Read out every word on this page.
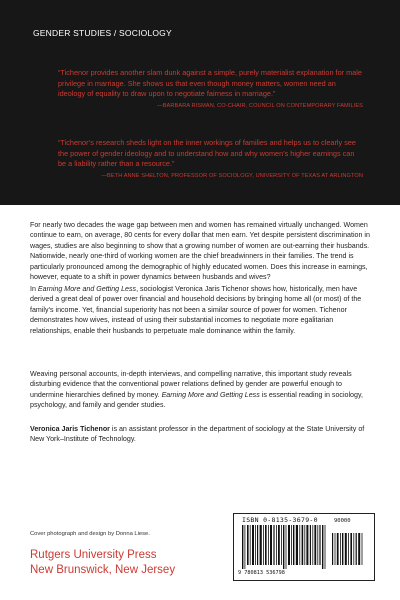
GENDER STUDIES / SOCIOLOGY

“Tichenor provides another slam dunk against a simple, purely materialist explanation for male privilege in marriage. She shows us that even though money matters, women need an ideology of equality to draw upon to negotiate fairness in marriage.”

—BARBARA RISMAN, CO-CHAIR, COUNCIL ON CONTEMPORARY FAMILIES

“Tichenor’s research sheds light on the inner workings of families and helps us to clearly see the power of gender ideology and to understand how and why women’s higher earnings can be a liability rather than a resource.”

—BETH ANNE SHELTON, PROFESSOR OF SOCIOLOGY, UNIVERSITY OF TEXAS AT ARLINGTON

For nearly two decades the wage gap between men and women has remained virtually unchanged. Women continue to earn, on average, 80 cents for every dollar that men earn. Yet despite persistent discrimination in wages, studies are also beginning to show that a growing number of women are out-earning their husbands. Nationwide, nearly one-third of working women are the chief breadwinners in their families. The trend is particularly pronounced among the demographic of highly educated women. Does this increase in earnings, however, equate to a shift in power dynamics between husbands and wives?

In Earning More and Getting Less, sociologist Veronica Jaris Tichenor shows how, historically, men have derived a great deal of power over financial and household decisions by bringing home all (or most) of the family’s income. Yet, financial superiority has not been a similar source of power for women. Tichenor demonstrates how wives, instead of using their substantial incomes to negotiate more egalitarian relationships, enable their husbands to perpetuate male dominance within the family.

Weaving personal accounts, in-depth interviews, and compelling narrative, this important study reveals disturbing evidence that the conventional power relations defined by gender are powerful enough to undermine hierarchies defined by money. Earning More and Getting Less is essential reading in sociology, psychology, and family and gender studies.

Veronica Jaris Tichenor is an assistant professor in the department of sociology at the State University of New York–Institute of Technology.

Cover photograph and design by Donna Liese.
Rutgers University Press
New Brunswick, New Jersey
ISBN 0-8135-3679-0	90000
9 780813 536798
